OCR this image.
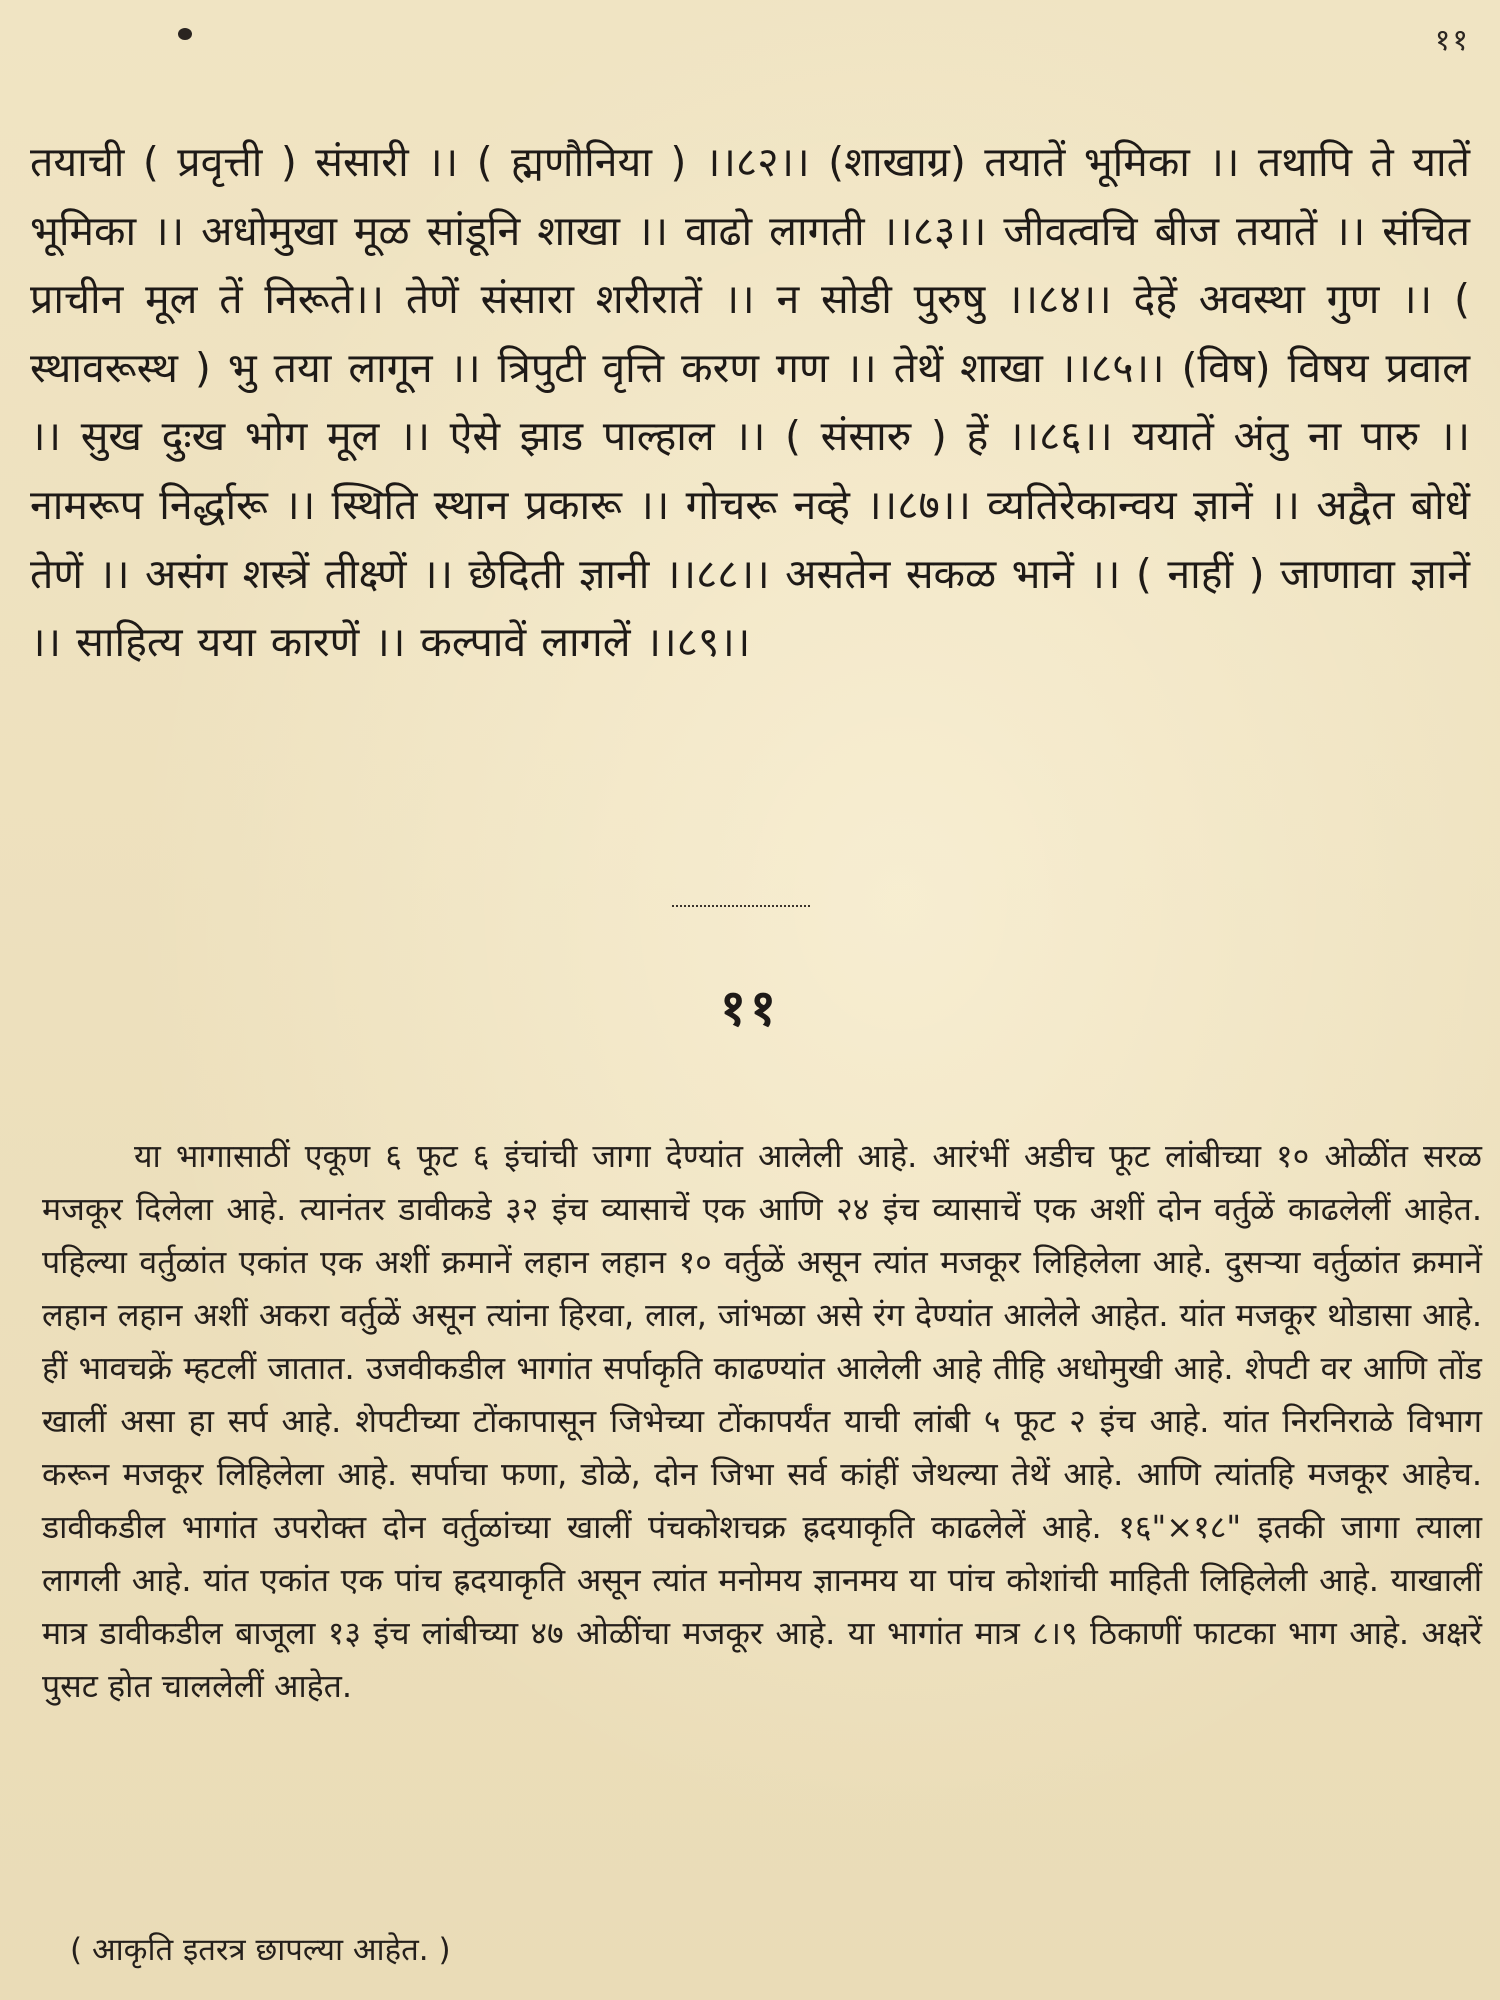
११

तयाची ( प्रवृत्ती ) संसारी ।। ( ह्मणौनिया ) ।।८२।। (शाखाग्र) तयातें भूमिका ।। तथापि ते यातें भूमिका ।। अधोमुखा मूळ सांडूनि शाखा ।। वाढो लागती ।।८३।। जीवत्वचि बीज तयातें ।। संचित प्राचीन मूल तें निरूते।। तेणें संसारा शरीरातें ।। न सोडी पुरुषु ।।८४।। देहें अवस्था गुण ।। ( स्थावरूस्थ ) भु तया लागून ।। त्रिपुटी वृत्ति करण गण ।। तेथें शाखा ।।८५।। (विष) विषय प्रवाल ।। सुख दुःख भोग मूल ।। ऐसे झाड पाल्हाल ।। ( संसारु ) हें ।।८६।। ययातें अंतु ना पारु ।। नामरूप निर्द्धारू ।। स्थिति स्थान प्रकारू ।। गोचरू नव्हे ।।८७।। व्यतिरेकान्वय ज्ञानें ।। अद्वैत बोधें तेणें ।। असंग शस्त्रें तीक्ष्णें ।। छेदिती ज्ञानी ।।८८।। असतेन सकळ भानें ।। ( नाहीं ) जाणावा ज्ञानें ।। साहित्य यया कारणें ।। कल्पावें लागलें ।।८९।।

११

या भागासाठीं एकूण ६ फूट ६ इंचांची जागा देण्यांत आलेली आहे. आरंभीं अडीच फूट लांबीच्या १० ओळींत सरळ मजकूर दिलेला आहे. त्यानंतर डावीकडे ३२ इंच व्यासाचें एक आणि २४ इंच व्यासाचें एक अशीं दोन वर्तुळें काढलेलीं आहेत. पहिल्या वर्तुळांत एकांत एक अशीं क्रमानें लहान लहान १० वर्तुळें असून त्यांत मजकूर लिहिलेला आहे. दुसऱ्या वर्तुळांत क्रमानें लहान लहान अशीं अकरा वर्तुळें असून त्यांना हिरवा, लाल, जांभळा असे रंग देण्यांत आलेले आहेत. यांत मजकूर थोडासा आहे. हीं भावचक्रें म्हटलीं जातात. उजवीकडील भागांत सर्पाकृति काढण्यांत आलेली आहे तीहि अधोमुखी आहे. शेपटी वर आणि तोंड खालीं असा हा सर्प आहे. शेपटीच्या टोंकापासून जिभेच्या टोंकापर्यंत याची लांबी ५ फूट २ इंच आहे. यांत निरनिराळे विभाग करून मजकूर लिहिलेला आहे. सर्पाचा फणा, डोळे, दोन जिभा सर्व कांहीं जेथल्या तेथें आहे. आणि त्यांतहि मजकूर आहेच. डावीकडील भागांत उपरोक्त दोन वर्तुळांच्या खालीं पंचकोशचक्र ह्रदयाकृति काढलेलें आहे. १६"×१८" इतकी जागा त्याला लागली आहे. यांत एकांत एक पांच ह्रदयाकृति असून त्यांत मनोमय ज्ञानमय या पांच कोशांची माहिती लिहिलेली आहे. याखालीं मात्र डावीकडील बाजूला १३ इंच लांबीच्या ४७ ओळींचा मजकूर आहे. या भागांत मात्र ८।९ ठिकाणीं फाटका भाग आहे. अक्षरें पुसट होत चाललेलीं आहेत.

( आकृति इतरत्र छापल्या आहेत. )
